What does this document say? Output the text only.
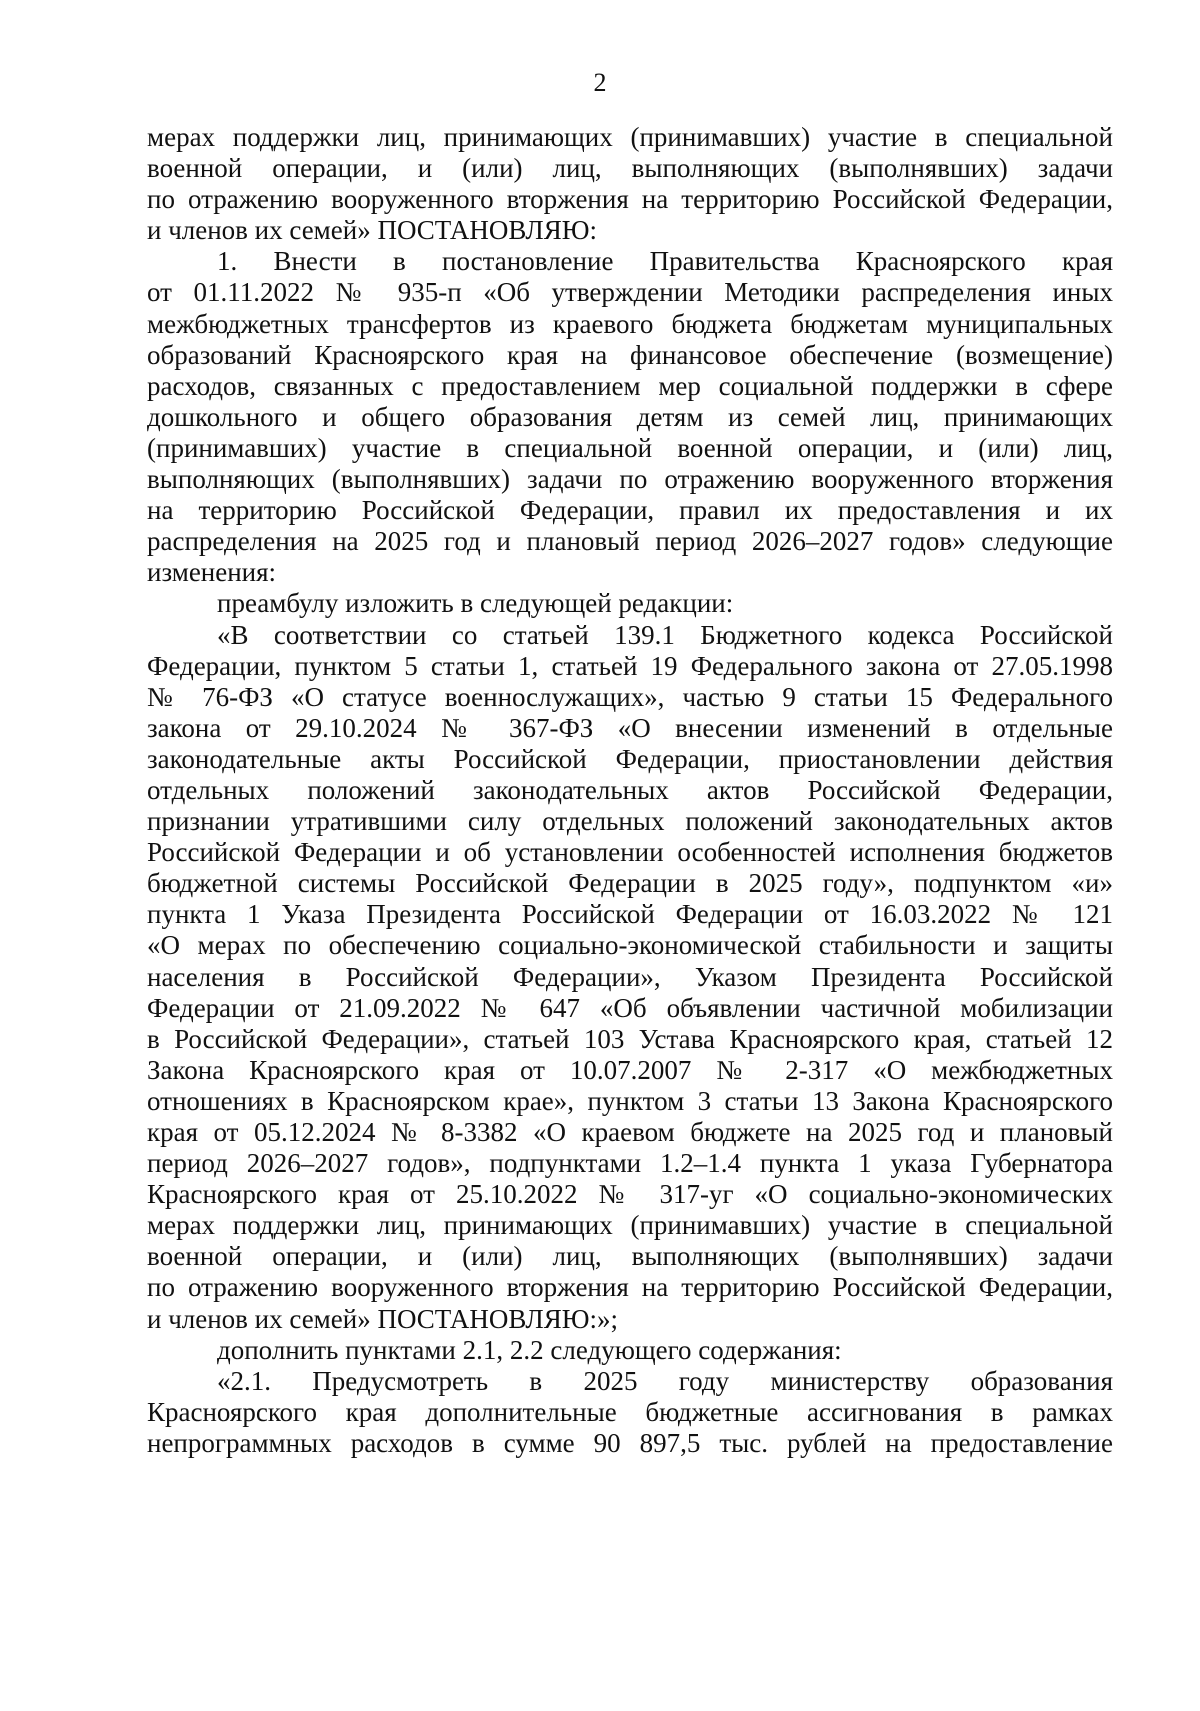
2
мерах поддержки лиц, принимающих (принимавших) участие в специальной
военной операции, и (или) лиц, выполняющих (выполнявших) задачи
по отражению вооруженного вторжения на территорию Российской Федерации,
и членов их семей» ПОСТАНОВЛЯЮ:
1. Внести в постановление Правительства Красноярского края
от 01.11.2022 № 935-п «Об утверждении Методики распределения иных
межбюджетных трансфертов из краевого бюджета бюджетам муниципальных
образований Красноярского края на финансовое обеспечение (возмещение)
расходов, связанных с предоставлением мер социальной поддержки в сфере
дошкольного и общего образования детям из семей лиц, принимающих
(принимавших) участие в специальной военной операции, и (или) лиц,
выполняющих (выполнявших) задачи по отражению вооруженного вторжения
на территорию Российской Федерации, правил их предоставления и их
распределения на 2025 год и плановый период 2026–2027 годов» следующие
изменения:
преамбулу изложить в следующей редакции:
«В соответствии со статьей 139.1 Бюджетного кодекса Российской
Федерации, пунктом 5 статьи 1, статьей 19 Федерального закона от 27.05.1998
№ 76-ФЗ «О статусе военнослужащих», частью 9 статьи 15 Федерального
закона от 29.10.2024 № 367-ФЗ «О внесении изменений в отдельные
законодательные акты Российской Федерации, приостановлении действия
отдельных положений законодательных актов Российской Федерации,
признании утратившими силу отдельных положений законодательных актов
Российской Федерации и об установлении особенностей исполнения бюджетов
бюджетной системы Российской Федерации в 2025 году», подпунктом «и»
пункта 1 Указа Президента Российской Федерации от 16.03.2022 № 121
«О мерах по обеспечению социально-экономической стабильности и защиты
населения в Российской Федерации», Указом Президента Российской
Федерации от 21.09.2022 № 647 «Об объявлении частичной мобилизации
в Российской Федерации», статьей 103 Устава Красноярского края, статьей 12
Закона Красноярского края от 10.07.2007 № 2-317 «О межбюджетных
отношениях в Красноярском крае», пунктом 3 статьи 13 Закона Красноярского
края от 05.12.2024 № 8-3382 «О краевом бюджете на 2025 год и плановый
период 2026–2027 годов», подпунктами 1.2–1.4 пункта 1 указа Губернатора
Красноярского края от 25.10.2022 № 317-уг «О социально-экономических
мерах поддержки лиц, принимающих (принимавших) участие в специальной
военной операции, и (или) лиц, выполняющих (выполнявших) задачи
по отражению вооруженного вторжения на территорию Российской Федерации,
и членов их семей» ПОСТАНОВЛЯЮ:»;
дополнить пунктами 2.1, 2.2 следующего содержания:
«2.1. Предусмотреть в 2025 году министерству образования
Красноярского края дополнительные бюджетные ассигнования в рамках
непрограммных расходов в сумме 90 897,5 тыс. рублей на предоставление
